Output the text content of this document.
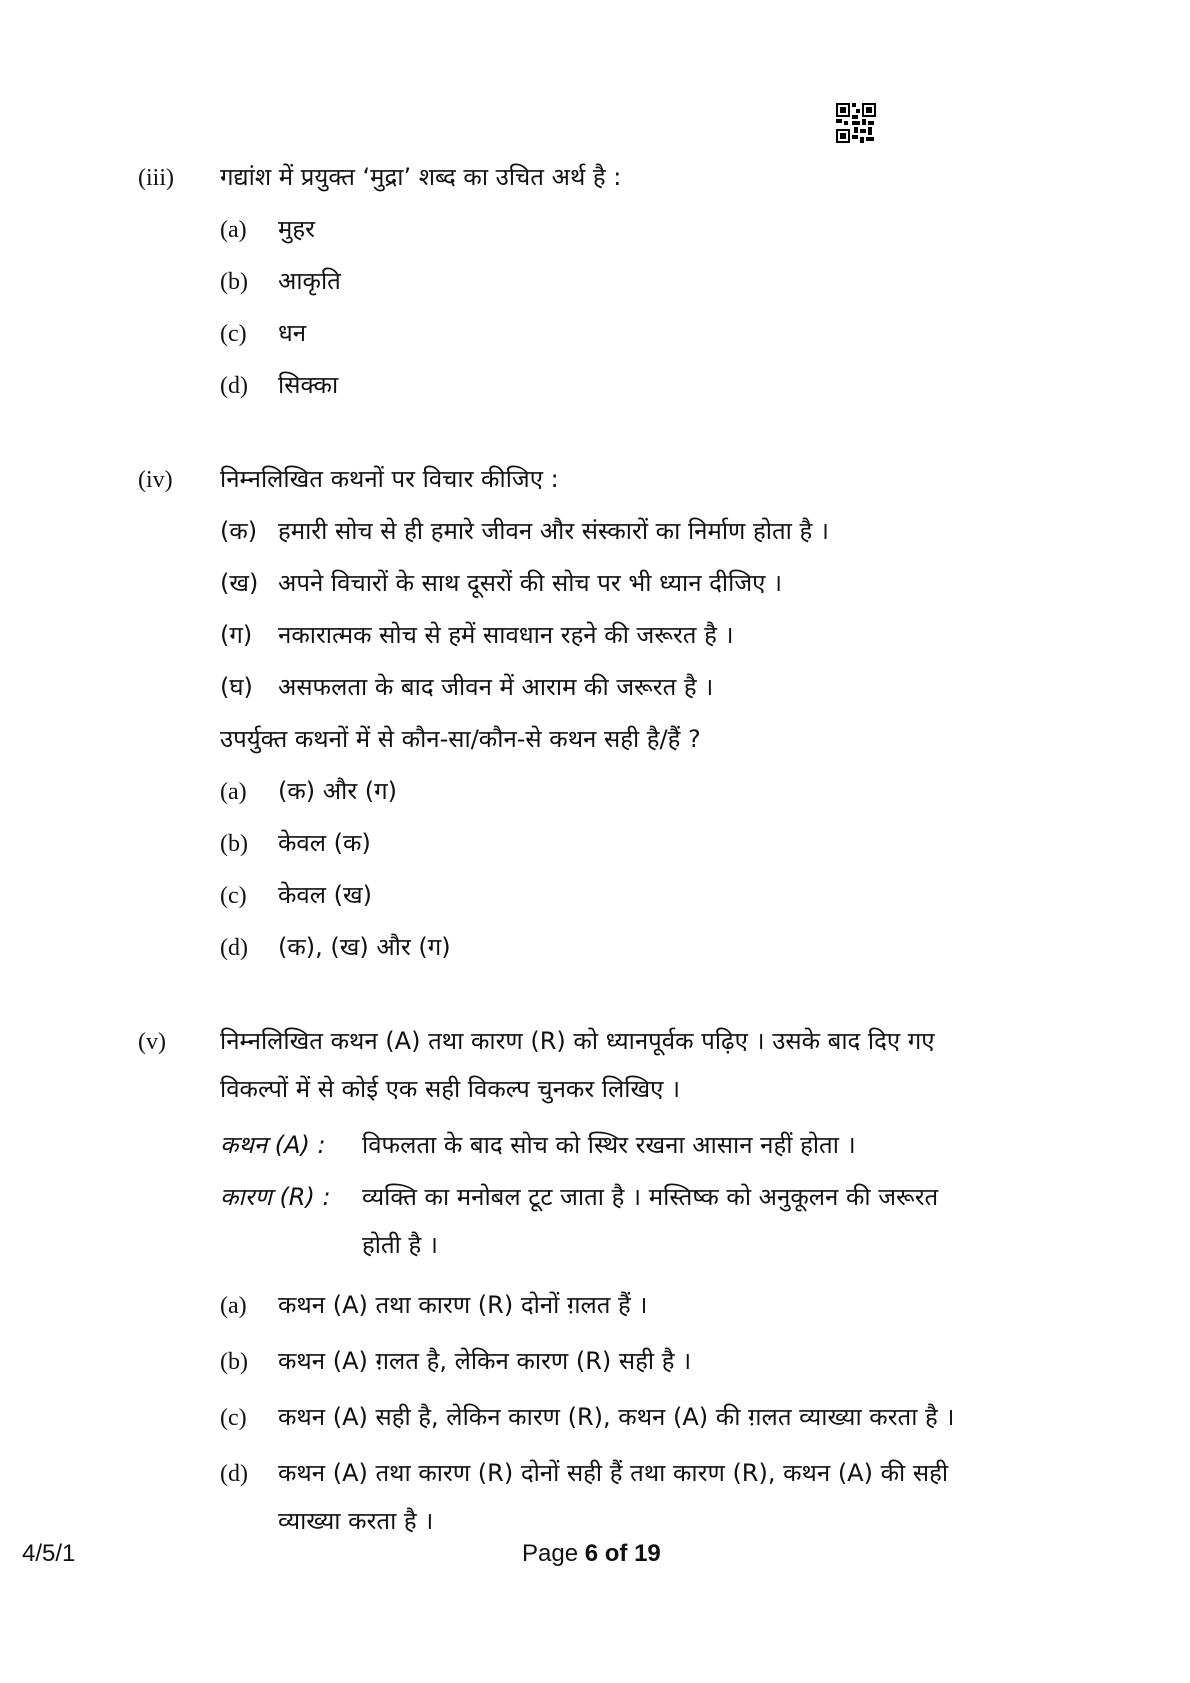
(iii) गद्यांश में प्रयुक्त ‘मुद्रा’ शब्द का उचित अर्थ है :
(a) मुहर
(b) आकृति
(c) धन
(d) सिक्का
(iv) निम्नलिखित कथनों पर विचार कीजिए :
(क) हमारी सोच से ही हमारे जीवन और संस्कारों का निर्माण होता है ।
(ख) अपने विचारों के साथ दूसरों की सोच पर भी ध्यान दीजिए ।
(ग) नकारात्मक सोच से हमें सावधान रहने की जरूरत है ।
(घ) असफलता के बाद जीवन में आराम की जरूरत है ।
उपर्युक्त कथनों में से कौन-सा/कौन-से कथन सही है/हैं ?
(a) (क) और (ग)
(b) केवल (क)
(c) केवल (ख)
(d) (क), (ख) और (ग)
(v) निम्नलिखित कथन (A) तथा कारण (R) को ध्यानपूर्वक पढ़िए । उसके बाद दिए गए
विकल्पों में से कोई एक सही विकल्प चुनकर लिखिए ।
कथन (A) : विफलता के बाद सोच को स्थिर रखना आसान नहीं होता ।
कारण (R) : व्यक्ति का मनोबल टूट जाता है । मस्तिष्क को अनुकूलन की जरूरत
होती है ।
(a) कथन (A) तथा कारण (R) दोनों ग़लत हैं ।
(b) कथन (A) ग़लत है, लेकिन कारण (R) सही है ।
(c) कथन (A) सही है, लेकिन कारण (R), कथन (A) की ग़लत व्याख्या करता है ।
(d) कथन (A) तथा कारण (R) दोनों सही हैं तथा कारण (R), कथन (A) की सही
व्याख्या करता है ।
4/5/1	Page 6 of 19
